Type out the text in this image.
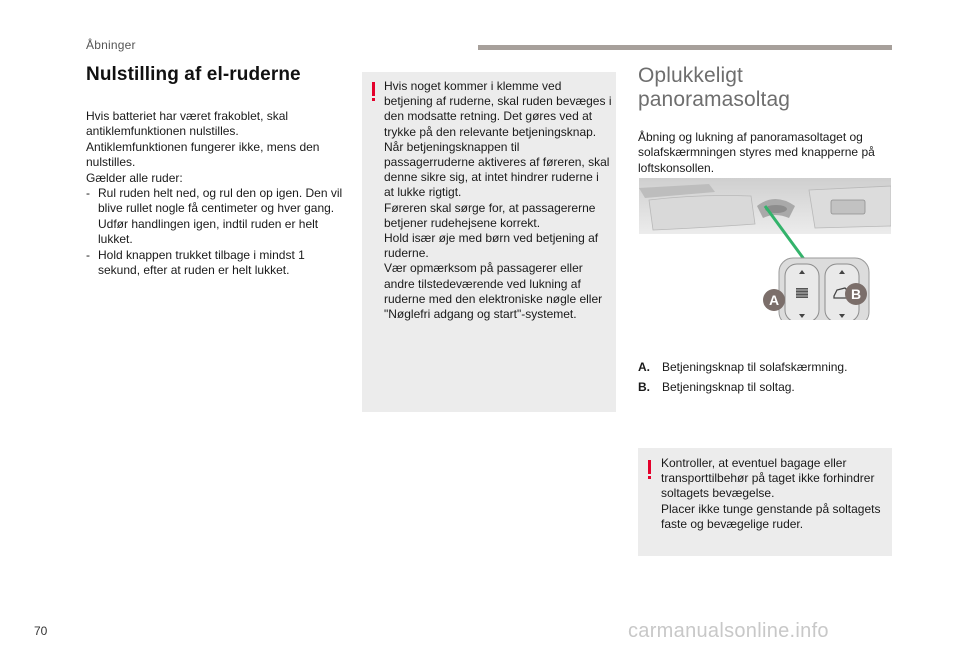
Åbninger
Nulstilling af el-ruderne

Hvis batteriet har været frakoblet, skal antiklemfunktionen nulstilles.

Antiklemfunktionen fungerer ikke, mens den nulstilles.

Gælder alle ruder:

- Rul ruden helt ned, og rul den op igen. Den vil blive rullet nogle få centimeter og hver gang. Udfør handlingen igen, indtil ruden er helt lukket.
- Hold knappen trukket tilbage i mindst 1 sekund, efter at ruden er helt lukket.

Hvis noget kommer i klemme ved betjening af ruderne, skal ruden bevæges i den modsatte retning. Det gøres ved at trykke på den relevante betjeningsknap.

Når betjeningsknappen til passagerruderne aktiveres af føreren, skal denne sikre sig, at intet hindrer ruderne i at lukke rigtigt.

Føreren skal sørge for, at passagererne betjener rudehejsene korrekt.

Hold især øje med børn ved betjening af ruderne.

Vær opmærksom på passagerer eller andre tilstedeværende ved lukning af ruderne med den elektroniske nøgle eller "Nøglefri adgang og start"-systemet.

Oplukkeligt panoramasoltag
Åbning og lukning af panoramasoltaget og solafskærmningen styres med knapperne på loftskonsollen.
A	B
A.	Betjeningsknap til solafskærmning.
B.	Betjeningsknap til soltag.

Kontroller, at eventuel bagage eller transporttilbehør på taget ikke forhindrer soltagets bevægelse.

Placer ikke tunge genstande på soltagets faste og bevægelige ruder.

70	carmanualsonline.info
